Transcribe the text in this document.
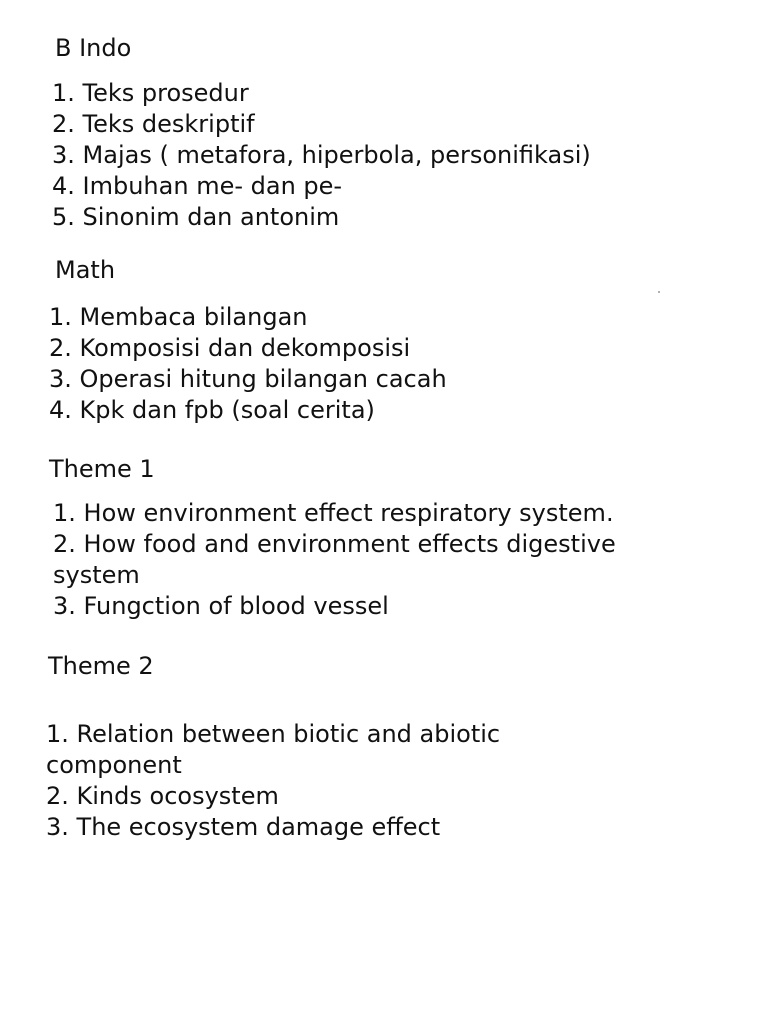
B Indo
1. Teks prosedur
2. Teks deskriptif
3. Majas ( metafora, hiperbola, personifikasi)
4. Imbuhan me- dan pe-
5. Sinonim dan antonim
Math
1. Membaca bilangan
2. Komposisi dan dekomposisi
3. Operasi hitung bilangan cacah
4. Kpk dan fpb (soal cerita)
Theme 1
1. How environment effect respiratory system.
2. How food and environment effects digestive system
3. Fungction of blood vessel
Theme 2
1. Relation between biotic and abiotic component
2. Kinds ocosystem
3. The ecosystem damage effect
